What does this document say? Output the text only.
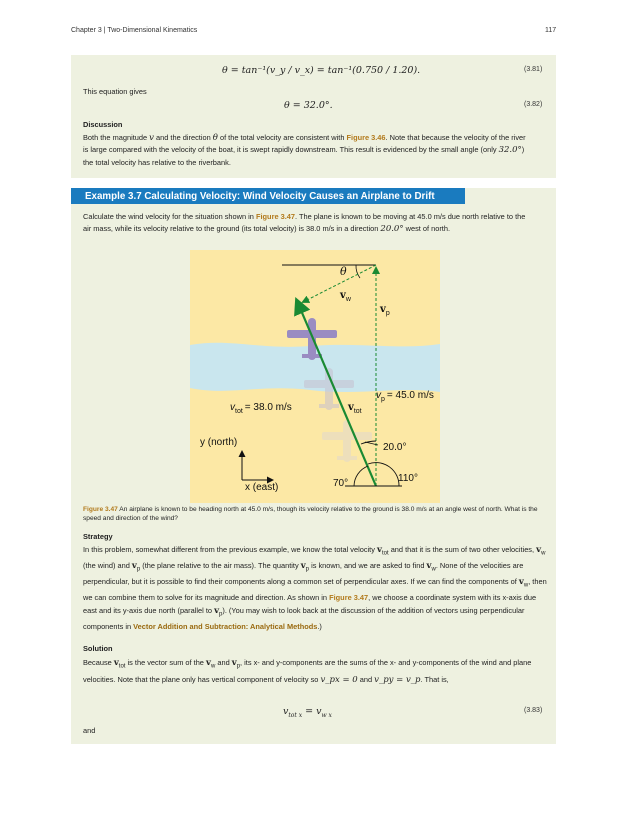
Chapter 3 | Two-Dimensional Kinematics	117
θ = tan⁻¹(v_y / v_x) = tan⁻¹(0.750 / 1.20).	(3.81)
This equation gives
θ = 32.0°.	(3.82)
Discussion
Both the magnitude v and the direction θ of the total velocity are consistent with Figure 3.46. Note that because the velocity of the river is large compared with the velocity of the boat, it is swept rapidly downstream. This result is evidenced by the small angle (only 32.0°) the total velocity has relative to the riverbank.
Example 3.7 Calculating Velocity: Wind Velocity Causes an Airplane to Drift
Calculate the wind velocity for the situation shown in Figure 3.47. The plane is known to be moving at 45.0 m/s due north relative to the air mass, while its velocity relative to the ground (its total velocity) is 38.0 m/s in a direction 20.0° west of north.
θ
$v_w$
$v_p$
$v_{tot} = 38.0$ m/s	$v_{tot}$
$v_p = 45.0$ m/s
y (north)
x (east)
20.0°
110°
70°
Figure 3.47 An airplane is known to be heading north at 45.0 m/s, though its velocity relative to the ground is 38.0 m/s at an angle west of north. What is the speed and direction of the wind?
Strategy
In this problem, somewhat different from the previous example, we know the total velocity $v_{tot}$ and that it is the sum of two other velocities, $v_w$ (the wind) and $v_p$ (the plane relative to the air mass). The quantity $v_p$ is known, and we are asked to find $v_w$. None of the velocities are perpendicular, but it is possible to find their components along a common set of perpendicular axes. If we can find the components of $v_w$, then we can combine them to solve for its magnitude and direction. As shown in Figure 3.47, we choose a coordinate system with its x-axis due east and its y-axis due north (parallel to $v_p$). (You may wish to look back at the discussion of the addition of vectors using perpendicular components in Vector Addition and Subtraction: Analytical Methods.)
Solution
Because $v_{tot}$ is the vector sum of the $v_w$ and $v_p$, its x- and y-components are the sums of the x- and y-components of the wind and plane velocities. Note that the plane only has vertical component of velocity so v_px = 0 and v_py = v_p. That is,
$v_{tot x} = v_{w x}$
(3.83)
and
